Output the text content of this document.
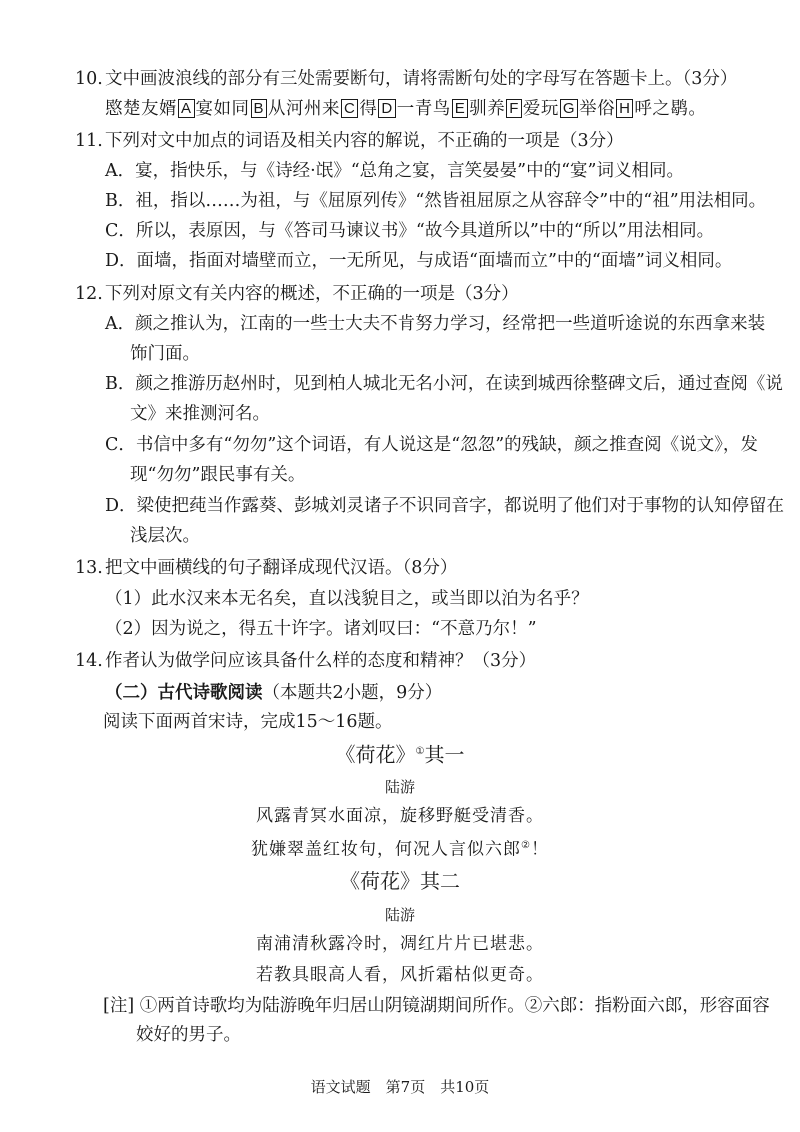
10. 文中画波浪线的部分有三处需要断句，请将需断句处的字母写在答题卡上。（3分）
愍楚友婿 A 宴如同 B 从河州来 C 得 D 一青鸟 E 驯养 F 爱玩 G 举俗 H 呼之鹖。
11. 下列对文中加点的词语及相关内容的解说，不正确的一项是（3分）
A．宴，指快乐，与《诗经·氓》“总角之宴，言笑晏晏”中的“宴”词义相同。
B．祖，指以……为祖，与《屈原列传》“然皆祖屈原之从容辞令”中的“祖”用法相同。
C．所以，表原因，与《答司马谏议书》“故今具道所以”中的“所以”用法相同。
D．面墙，指面对墙壁而立，一无所见，与成语“面墙而立”中的“面墙”词义相同。
12. 下列对原文有关内容的概述，不正确的一项是（3分）
A．颜之推认为，江南的一些士大夫不肯努力学习，经常把一些道听途说的东西拿来装
饰门面。
B．颜之推游历赵州时，见到柏人城北无名小河，在读到城西徐整碑文后，通过查阅《说
文》来推测河名。
C．书信中多有“勿勿”这个词语，有人说这是“忽忽”的残缺，颜之推查阅《说文》，发
现“勿勿”跟民事有关。
D．梁使把莼当作露葵、彭城刘灵诸子不识同音字，都说明了他们对于事物的认知停留在
浅层次。
13. 把文中画横线的句子翻译成现代汉语。（8分）
（1）此水汉来本无名矣，直以浅貌目之，或当即以泊为名乎？
（2）因为说之，得五十许字。诸刘叹曰：“不意乃尔！”
14. 作者认为做学问应该具备什么样的态度和精神？（3分）
（二）古代诗歌阅读（本题共2小题，9分）
阅读下面两首宋诗，完成15～16题。
《荷花》①其一
陆游
风露青冥水面凉，旋移野艇受清香。
犹嫌翠盖红妆句，何况人言似六郎②！
《荷花》其二
陆游
南浦清秋露冷时，凋红片片已堪悲。
若教具眼高人看，风折霜枯似更奇。
[注] ①两首诗歌均为陆游晚年归居山阴镜湖期间所作。②六郎：指粉面六郎，形容面容
姣好的男子。
语文试题　第7页　共10页
